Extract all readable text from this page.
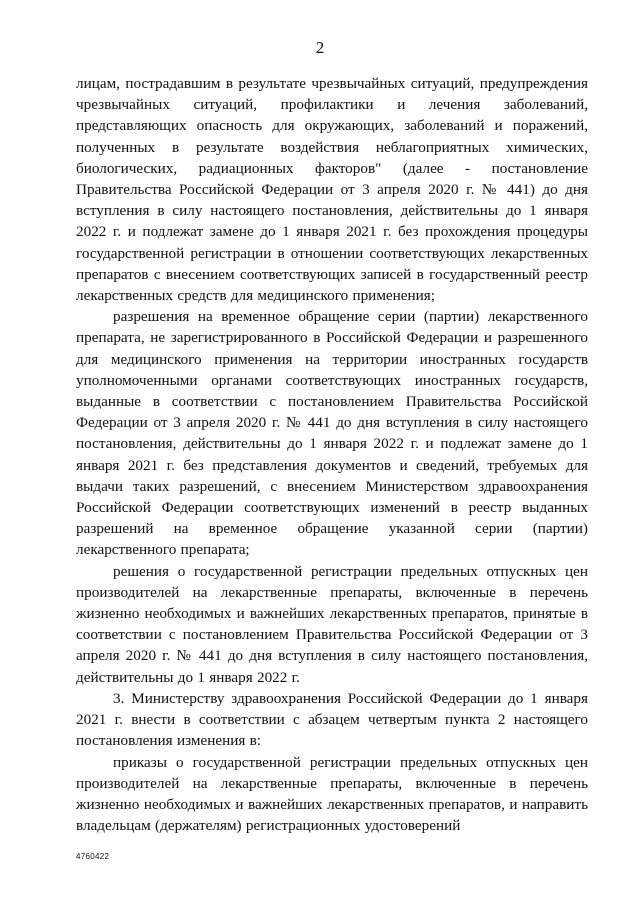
2

лицам, пострадавшим в результате чрезвычайных ситуаций, предупреждения чрезвычайных ситуаций, профилактики и лечения заболеваний, представляющих опасность для окружающих, заболеваний и поражений, полученных в результате воздействия неблагоприятных химических, биологических, радиационных факторов" (далее - постановление Правительства Российской Федерации от 3 апреля 2020 г. № 441) до дня вступления в силу настоящего постановления, действительны до 1 января 2022 г. и подлежат замене до 1 января 2021 г. без прохождения процедуры государственной регистрации в отношении соответствующих лекарственных препаратов с внесением соответствующих записей в государственный реестр лекарственных средств для медицинского применения;

разрешения на временное обращение серии (партии) лекарственного препарата, не зарегистрированного в Российской Федерации и разрешенного для медицинского применения на территории иностранных государств уполномоченными органами соответствующих иностранных государств, выданные в соответствии с постановлением Правительства Российской Федерации от 3 апреля 2020 г. № 441 до дня вступления в силу настоящего постановления, действительны до 1 января 2022 г. и подлежат замене до 1 января 2021 г. без представления документов и сведений, требуемых для выдачи таких разрешений, с внесением Министерством здравоохранения Российской Федерации соответствующих изменений в реестр выданных разрешений на временное обращение указанной серии (партии) лекарственного препарата;

решения о государственной регистрации предельных отпускных цен производителей на лекарственные препараты, включенные в перечень жизненно необходимых и важнейших лекарственных препаратов, принятые в соответствии с постановлением Правительства Российской Федерации от 3 апреля 2020 г. № 441 до дня вступления в силу настоящего постановления, действительны до 1 января 2022 г.

3. Министерству здравоохранения Российской Федерации до 1 января 2021 г. внести в соответствии с абзацем четвертым пункта 2 настоящего постановления изменения в:

приказы о государственной регистрации предельных отпускных цен производителей на лекарственные препараты, включенные в перечень жизненно необходимых и важнейших лекарственных препаратов, и направить владельцам (держателям) регистрационных удостоверений

4760422
